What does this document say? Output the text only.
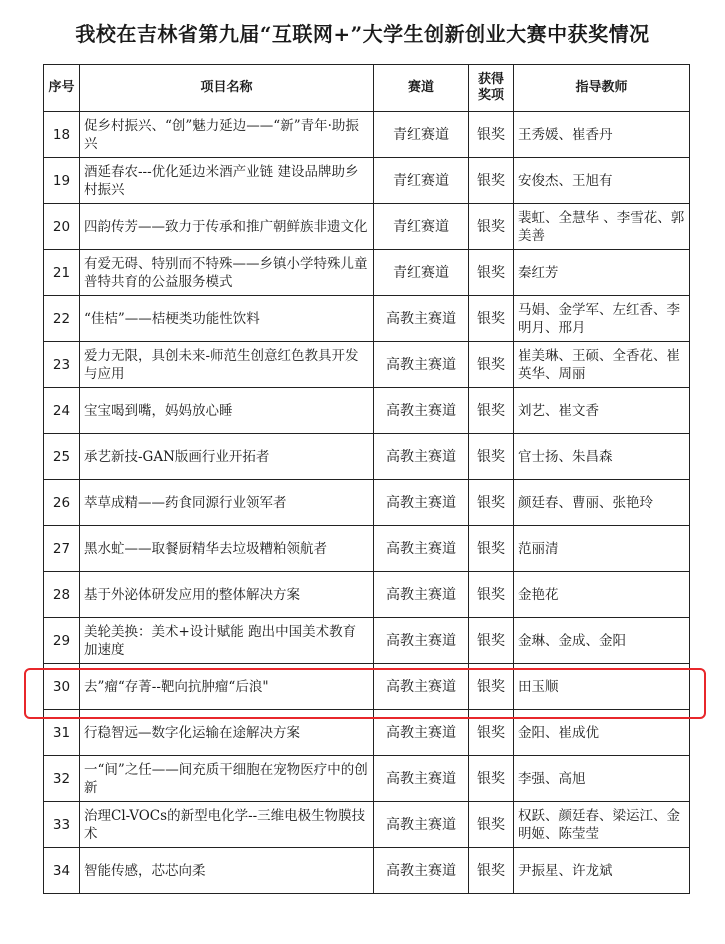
我校在吉林省第九届“互联网+”大学生创新创业大赛中获奖情况
序号	项目名称	赛道	获得奖项	指导教师
18	促乡村振兴、“创”魅力延边——“新”青年·助振兴	青红赛道	银奖	王秀媛、崔香丹
19	酒延春农---优化延边米酒产业链 建设品牌助乡村振兴	青红赛道	银奖	安俊杰、王旭有
20	四韵传芳——致力于传承和推广朝鲜族非遗文化	青红赛道	银奖	裴虹、全慧华 、李雪花、郭美善
21	有爱无碍、特别而不特殊——乡镇小学特殊儿童普特共育的公益服务模式	青红赛道	银奖	秦红芳
22	“佳桔”——桔梗类功能性饮料	高教主赛道	银奖	马娟、金学军、左红香、李明月、邢月
23	爱力无限，具创未来-师范生创意红色教具开发与应用	高教主赛道	银奖	崔美琳、王硕、全香花、崔英华、周丽
24	宝宝喝到嘴，妈妈放心睡	高教主赛道	银奖	刘艺、崔文香
25	承艺新技-GAN版画行业开拓者	高教主赛道	银奖	官士扬、朱昌森
26	萃草成精——药食同源行业领军者	高教主赛道	银奖	颜廷春、曹丽、张艳玲
27	黑水虻——取餐厨精华去垃圾糟粕领航者	高教主赛道	银奖	范丽清
28	基于外泌体研发应用的整体解决方案	高教主赛道	银奖	金艳花
29	美轮美换：美术+设计赋能 跑出中国美术教育加速度	高教主赛道	银奖	金琳、金成、金阳
30	去”瘤“存菁--靶向抗肿瘤“后浪"	高教主赛道	银奖	田玉顺
31	行稳智远—数字化运输在途解决方案	高教主赛道	银奖	金阳、崔成优
32	一“间”之任——间充质干细胞在宠物医疗中的创新	高教主赛道	银奖	李强、高旭
33	治理Cl-VOCs的新型电化学--三维电极生物膜技术	高教主赛道	银奖	权跃、颜廷春、梁运江、金明姬、陈莹莹
34	智能传感，芯芯向柔	高教主赛道	银奖	尹振星、许龙斌
